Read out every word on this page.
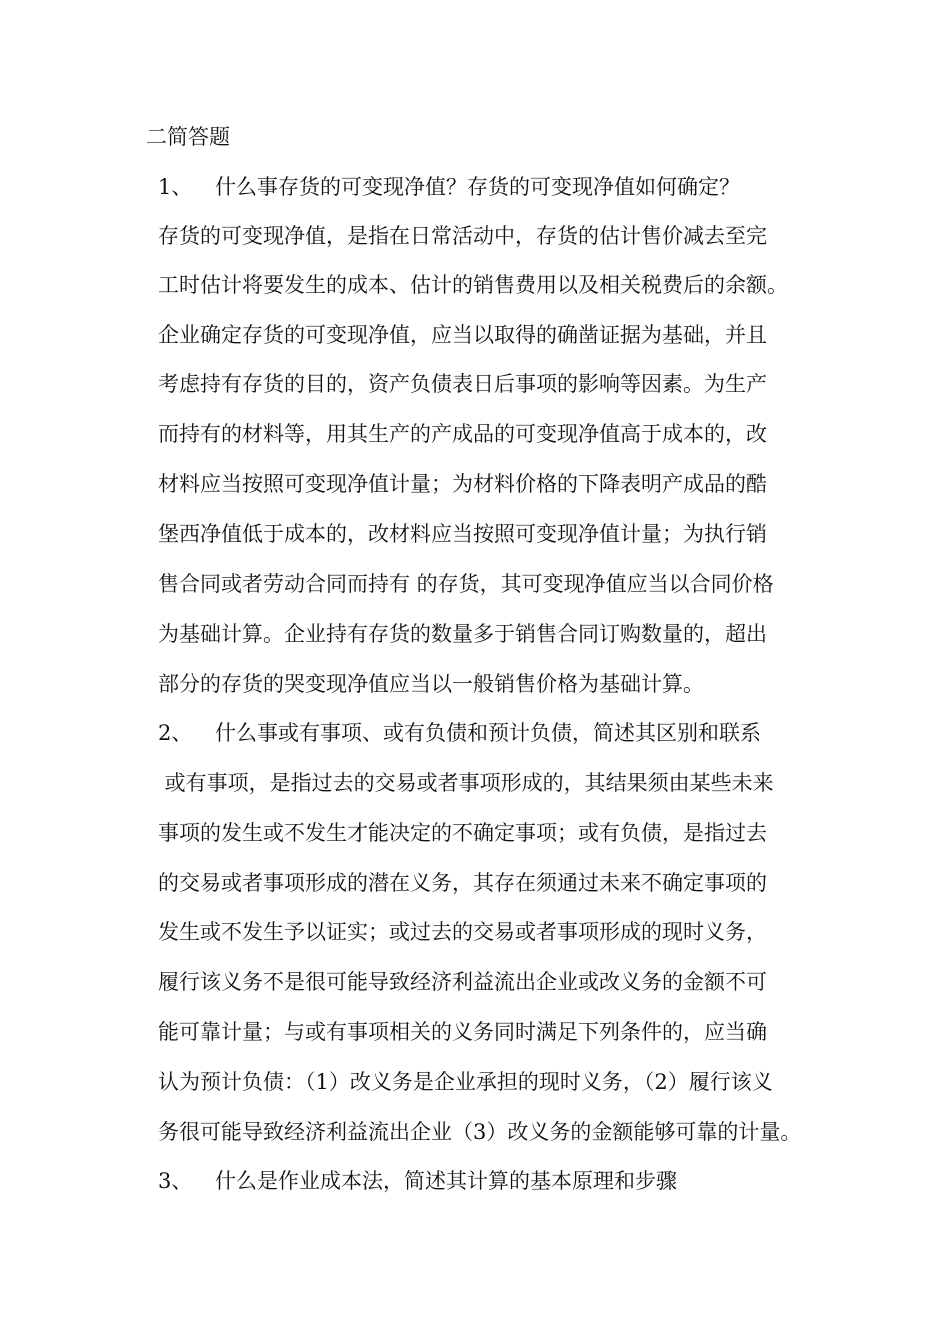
二简答题
1、 什么事存货的可变现净值？存货的可变现净值如何确定？
存货的可变现净值，是指在日常活动中，存货的估计售价减去至完
工时估计将要发生的成本、估计的销售费用以及相关税费后的余额。
企业确定存货的可变现净值，应当以取得的确凿证据为基础，并且
考虑持有存货的目的，资产负债表日后事项的影响等因素。为生产
而持有的材料等，用其生产的产成品的可变现净值高于成本的，改
材料应当按照可变现净值计量；为材料价格的下降表明产成品的酷
堡西净值低于成本的，改材料应当按照可变现净值计量；为执行销
售合同或者劳动合同而持有 的存货，其可变现净值应当以合同价格
为基础计算。企业持有存货的数量多于销售合同订购数量的，超出
部分的存货的哭变现净值应当以一般销售价格为基础计算。
2、 什么事或有事项、或有负债和预计负债，简述其区别和联系
或有事项，是指过去的交易或者事项形成的，其结果须由某些未来
事项的发生或不发生才能决定的不确定事项；或有负债，是指过去
的交易或者事项形成的潜在义务，其存在须通过未来不确定事项的
发生或不发生予以证实；或过去的交易或者事项形成的现时义务，
履行该义务不是很可能导致经济利益流出企业或改义务的金额不可
能可靠计量；与或有事项相关的义务同时满足下列条件的，应当确
认为预计负债：（1）改义务是企业承担的现时义务，（2）履行该义
务很可能导致经济利益流出企业（3）改义务的金额能够可靠的计量。
3、 什么是作业成本法，简述其计算的基本原理和步骤
